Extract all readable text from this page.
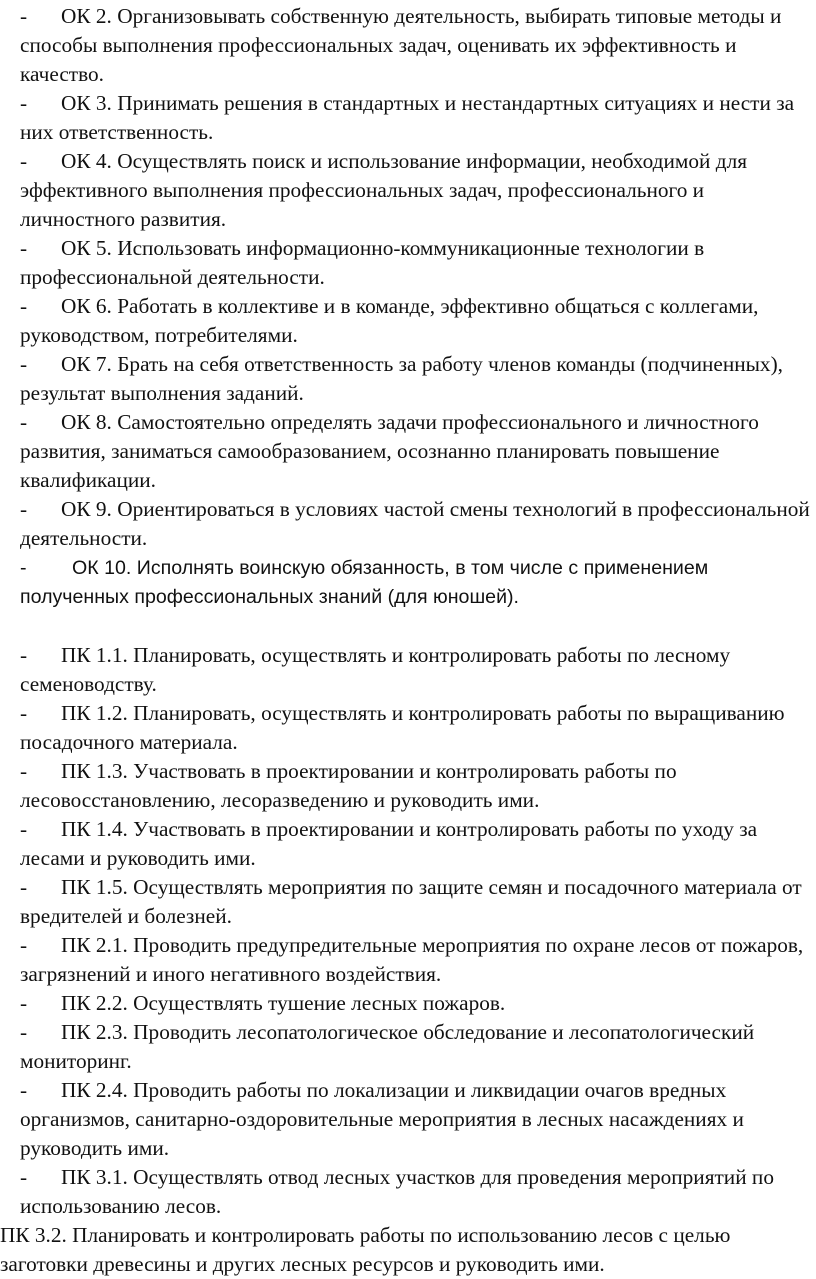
- ОК 2. Организовывать собственную деятельность, выбирать типовые методы и способы выполнения профессиональных задач, оценивать их эффективность и качество.

- ОК 3. Принимать решения в стандартных и нестандартных ситуациях и нести за них ответственность.

- ОК 4. Осуществлять поиск и использование информации, необходимой для эффективного выполнения профессиональных задач, профессионального и личностного развития.

- ОК 5. Использовать информационно-коммуникационные технологии в профессиональной деятельности.

- ОК 6. Работать в коллективе и в команде, эффективно общаться с коллегами, руководством, потребителями.

- ОК 7. Брать на себя ответственность за работу членов команды (подчиненных), результат выполнения заданий.

- ОК 8. Самостоятельно определять задачи профессионального и личностного развития, заниматься самообразованием, осознанно планировать повышение квалификации.

- ОК 9. Ориентироваться в условиях частой смены технологий в профессиональной деятельности.

- ОК 10. Исполнять воинскую обязанность, в том числе с применением полученных профессиональных знаний (для юношей).

- ПК 1.1. Планировать, осуществлять и контролировать работы по лесному семеноводству.

- ПК 1.2. Планировать, осуществлять и контролировать работы по выращиванию посадочного материала.

- ПК 1.3. Участвовать в проектировании и контролировать работы по лесовосстановлению, лесоразведению и руководить ими.

- ПК 1.4. Участвовать в проектировании и контролировать работы по уходу за лесами и руководить ими.

- ПК 1.5. Осуществлять мероприятия по защите семян и посадочного материала от вредителей и болезней.

- ПК 2.1. Проводить предупредительные мероприятия по охране лесов от пожаров, загрязнений и иного негативного воздействия.

- ПК 2.2. Осуществлять тушение лесных пожаров.

- ПК 2.3. Проводить лесопатологическое обследование и лесопатологический мониторинг.

- ПК 2.4. Проводить работы по локализации и ликвидации очагов вредных организмов, санитарно-оздоровительные мероприятия в лесных насаждениях и руководить ими.

- ПК 3.1. Осуществлять отвод лесных участков для проведения мероприятий по использованию лесов.

ПК 3.2. Планировать и контролировать работы по использованию лесов с целью заготовки древесины и других лесных ресурсов и руководить ими.
